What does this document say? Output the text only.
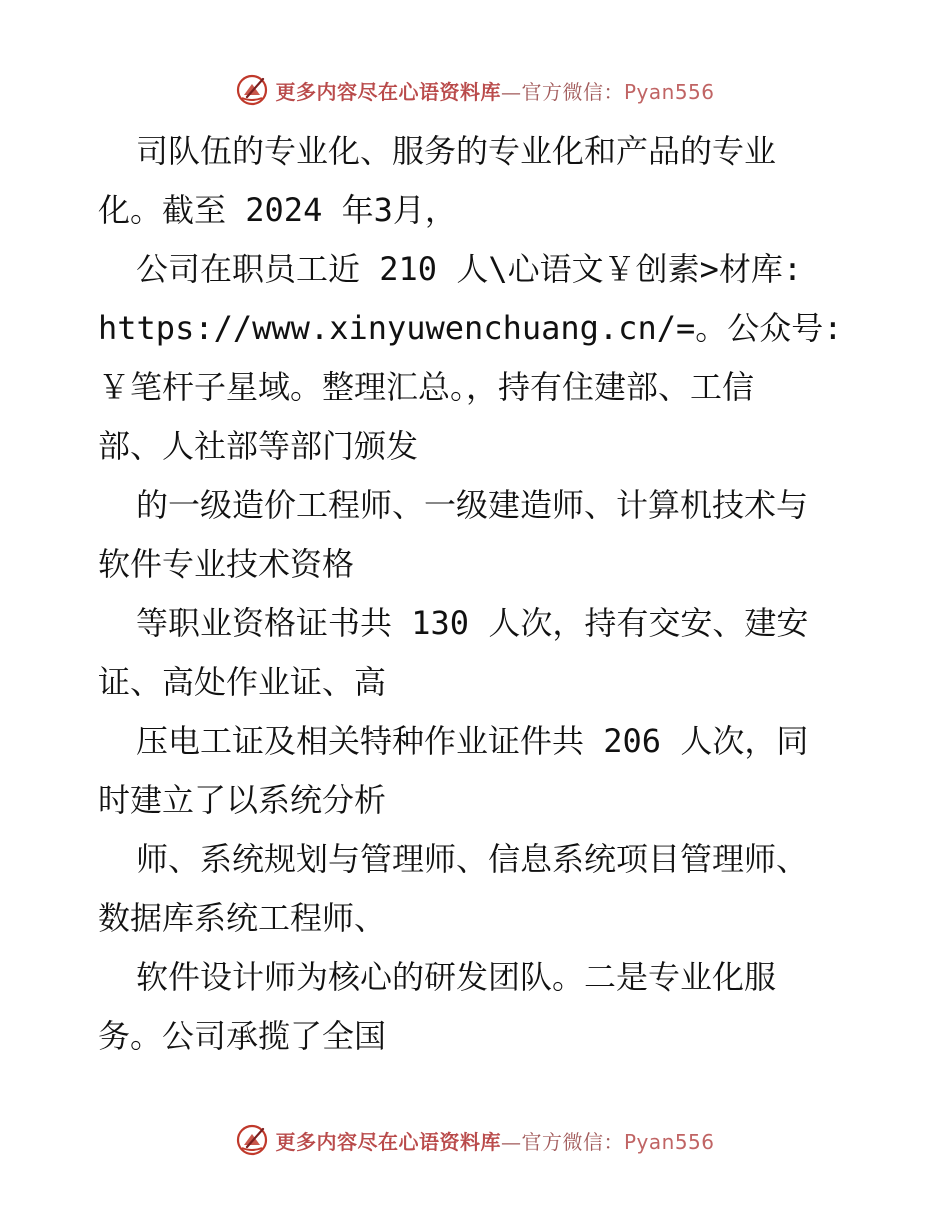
更多内容尽在心语资料库—官方微信：Pyan556
司队伍的专业化、服务的专业化和产品的专业
化。截至 2024 年3月，
公司在职员工近 210 人\心语文￥创素>材库:
https://www.xinyuwenchuang.cn/=。公众号:
￥笔杆子星域。整理汇总。，持有住建部、工信
部、人社部等部门颁发
的一级造价工程师、一级建造师、计算机技术与
软件专业技术资格
等职业资格证书共 130 人次，持有交安、建安
证、高处作业证、高
压电工证及相关特种作业证件共 206 人次，同
时建立了以系统分析
师、系统规划与管理师、信息系统项目管理师、
数据库系统工程师、
软件设计师为核心的研发团队。二是专业化服
务。公司承揽了全国
更多内容尽在心语资料库—官方微信：Pyan556
